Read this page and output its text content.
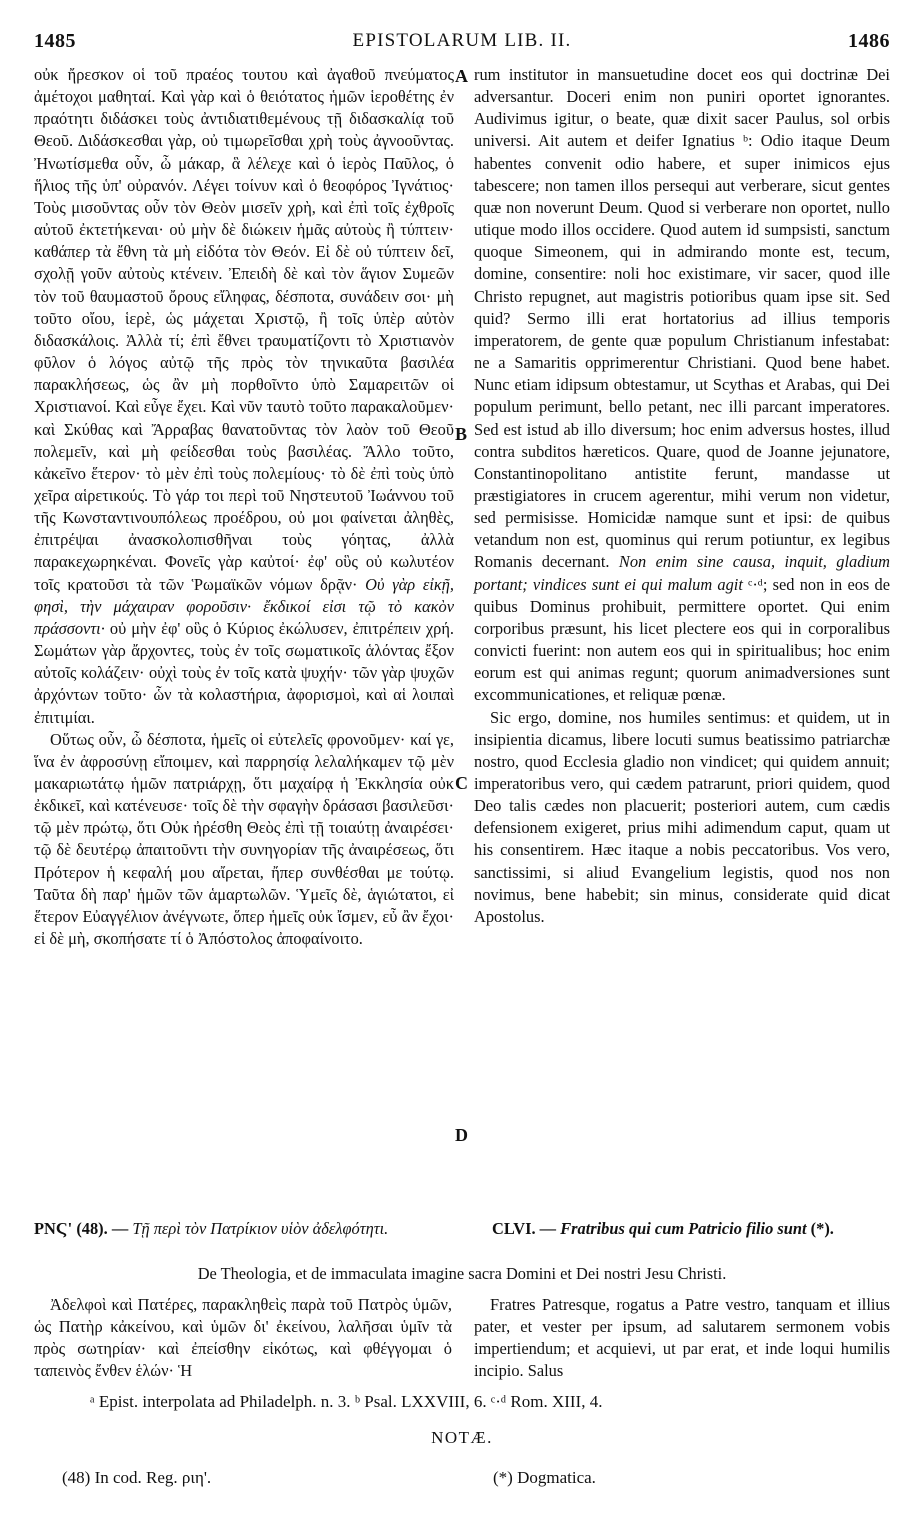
1485	EPISTOLARUM LIB. II.	1486

οὐκ ἤρεσκον οἱ τοῦ πραέος τουτου καὶ ἀγαθοῦ πνεύματος ἀμέτοχοι μαθηταί. Καὶ γὰρ καὶ ὁ θειότατος ἡμῶν ἱεροθέτης ἐν πραότητι διδάσκει τοὺς ἀντιδιατιθεμένους τῇ διδασκαλίᾳ τοῦ Θεοῦ. Διδάσκεσθαι γὰρ, οὐ τιμωρεῖσθαι χρὴ τοὺς ἀγνοοῦντας. Ἠνωτίσμεθα οὖν, ὦ μάκαρ, ἃ λέλεχε καὶ ὁ ἱερὸς Παῦλος, ὁ ἥλιος τῆς ὑπ' οὐρανόν. Λέγει τοίνυν καὶ ὁ θεοφόρος Ἰγνάτιος· Τοὺς μισοῦντας οὖν τὸν Θεὸν μισεῖν χρὴ, καὶ ἐπὶ τοῖς ἐχθροῖς αὐτοῦ ἐκτετήκεναι· οὐ μὴν δὲ διώκειν ἡμᾶς αὐτοὺς ἢ τύπτειν· καθάπερ τὰ ἔθνη τὰ μὴ εἰδότα τὸν Θεόν. Εἰ δὲ οὐ τύπτειν δεῖ, σχολῇ γοῦν αὐτοὺς κτένειν. Ἐπειδὴ δὲ καὶ τὸν ἅγιον Συμεῶν τὸν τοῦ θαυμαστοῦ ὄρους εἴληφας, δέσποτα, συνάδειν σοι· μὴ τοῦτο οἴου, ἱερὲ, ὡς μάχεται Χριστῷ, ἢ τοῖς ὑπὲρ αὐτὸν διδασκάλοις. Ἀλλὰ τί; ἐπὶ ἔθνει τραυματίζοντι τὸ Χριστιανὸν φῦλον ὁ λόγος αὐτῷ τῆς πρὸς τὸν τηνικαῦτα βασιλέα παρακλήσεως, ὡς ἂν μὴ πορθοῖντο ὑπὸ Σαμαρειτῶν οἱ Χριστιανοί. Καὶ εὖγε ἔχει. Καὶ νῦν ταυτὸ τοῦτο παρακαλοῦμεν· καὶ Σκύθας καὶ Ἄρραβας θανατοῦντας τὸν λαὸν τοῦ Θεοῦ πολεμεῖν, καὶ μὴ φείδεσθαι τοὺς βασιλέας. Ἄλλο τοῦτο, κἀκεῖνο ἕτερον· τὸ μὲν ἐπὶ τοὺς πολεμίους· τὸ δὲ ἐπὶ τοὺς ὑπὸ χεῖρα αἱρετικούς. Τὸ γάρ τοι περὶ τοῦ Νηστευτοῦ Ἰωάννου τοῦ τῆς Κωνσταντινουπόλεως προέδρου, οὐ μοι φαίνεται ἀληθὲς, ἐπιτρέψαι ἀνασκολοπισθῆναι τοὺς γόητας, ἀλλὰ παρακεχωρηκέναι. Φονεῖς γὰρ καὐτοί· ἐφ' οὓς οὐ κωλυτέον τοῖς κρατοῦσι τὰ τῶν Ῥωμαϊκῶν νόμων δρᾷν· Οὐ γὰρ εἰκῇ, φησὶ, τὴν μάχαιραν φοροῦσιν· ἔκδικοί εἰσι τῷ τὸ κακὸν πράσσοντι· οὐ μὴν ἐφ' οὓς ὁ Κύριος ἐκώλυσεν, ἐπιτρέπειν χρή. Σωμάτων γὰρ ἄρχοντες, τοὺς ἐν τοῖς σωματικοῖς ἁλόντας ἔξον αὐτοῖς κολάζειν· οὐχὶ τοὺς ἐν τοῖς κατὰ ψυχήν· τῶν γὰρ ψυχῶν ἀρχόντων τοῦτο· ὧν τὰ κολαστήρια, ἀφορισμοὶ, καὶ αἱ λοιπαὶ ἐπιτιμίαι.

Οὕτως οὖν, ὦ δέσποτα, ἡμεῖς οἱ εὐτελεῖς φρονοῦμεν· καί γε, ἵνα ἐν ἀφροσύνῃ εἴποιμεν, καὶ παρρησίᾳ λελαλήκαμεν τῷ μὲν μακαριωτάτῳ ἡμῶν πατριάρχῃ, ὅτι μαχαίρᾳ ἡ Ἐκκλησία οὐκ ἐκδικεῖ, καὶ κατένευσε· τοῖς δὲ τὴν σφαγὴν δράσασι βασιλεῦσι· τῷ μὲν πρώτῳ, ὅτι Οὐκ ἠρέσθη Θεὸς ἐπὶ τῇ τοιαύτῃ ἀναιρέσει· τῷ δὲ δευτέρῳ ἀπαιτοῦντι τὴν συνηγορίαν τῆς ἀναιρέσεως, ὅτι Πρότερον ἡ κεφαλή μου αἴρεται, ἤπερ συνθέσθαι με τούτῳ. Ταῦτα δὴ παρ' ἡμῶν τῶν ἁμαρτωλῶν. Ὑμεῖς δὲ, ἁγιώτατοι, εἰ ἕτερον Εὐαγγέλιον ἀνέγνωτε, ὅπερ ἡμεῖς οὐκ ἴσμεν, εὖ ἂν ἔχοι· εἰ δὲ μὴ, σκοπήσατε τί ὁ Ἀπόστολος ἀποφαίνοιτο.

A
B
C
D

rum institutor in mansuetudine docet eos qui doctrinæ Dei adversantur. Doceri enim non puniri oportet ignorantes. Audivimus igitur, o beate, quæ dixit sacer Paulus, sol orbis universi. Ait autem et deifer Ignatius ᵇ: Odio itaque Deum habentes convenit odio habere, et super inimicos ejus tabescere; non tamen illos persequi aut verberare, sicut gentes quæ non noverunt Deum. Quod si verberare non oportet, nullo utique modo illos occidere. Quod autem id sumpsisti, sanctum quoque Simeonem, qui in admirando monte est, tecum, domine, consentire: noli hoc existimare, vir sacer, quod ille Christo repugnet, aut magistris potioribus quam ipse sit. Sed quid? Sermo illi erat hortatorius ad illius temporis imperatorem, de gente quæ populum Christianum infestabat: ne a Samaritis opprimerentur Christiani. Quod bene habet. Nunc etiam idipsum obtestamur, ut Scythas et Arabas, qui Dei populum perimunt, bello petant, nec illi parcant imperatores. Sed est istud ab illo diversum; hoc enim adversus hostes, illud contra subditos hæreticos. Quare, quod de Joanne jejunatore, Constantinopolitano antistite ferunt, mandasse ut præstigiatores in crucem agerentur, mihi verum non videtur, sed permisisse. Homicidæ namque sunt et ipsi: de quibus vetandum non est, quominus qui rerum potiuntur, ex legibus Romanis decernant. Non enim sine causa, inquit, gladium portant; vindices sunt ei qui malum agit ᶜ·ᵈ; sed non in eos de quibus Dominus prohibuit, permittere oportet. Qui enim corporibus præsunt, his licet plectere eos qui in corporalibus convicti fuerint: non autem eos qui in spiritualibus; hoc enim eorum est qui animas regunt; quorum animadversiones sunt excommunicationes, et reliquæ pœnæ.

Sic ergo, domine, nos humiles sentimus: et quidem, ut in insipientia dicamus, libere locuti sumus beatissimo patriarchæ nostro, quod Ecclesia gladio non vindicet; qui quidem annuit; imperatoribus vero, qui cædem patrarunt, priori quidem, quod Deo talis cædes non placuerit; posteriori autem, cum cædis defensionem exigeret, prius mihi adimendum caput, quam ut his consentirem. Hæc itaque a nobis peccatoribus. Vos vero, sanctissimi, si aliud Evangelium legistis, quod nos non novimus, bene habebit; sin minus, considerate quid dicat Apostolus.

ΡΝϚ' (48). — Τῇ περὶ τὸν Πατρίκιον υἱὸν ἀδελφότητι.	CLVI. — Fratribus qui cum Patricio filio sunt (*).
De Theologia, et de immaculata imagine sacra Domini et Dei nostri Jesu Christi.

Ἀδελφοὶ καὶ Πατέρες, παρακληθεὶς παρὰ τοῦ Πατρὸς ὑμῶν, ὡς Πατὴρ κἀκείνου, καὶ ὑμῶν δι' ἐκείνου, λαλῆσαι ὑμῖν τὰ πρὸς σωτηρίαν· καὶ ἐπείσθην εἰκότως, καὶ φθέγγομαι ὁ ταπεινὸς ἔνθεν ἑλών· Ἡ

Fratres Patresque, rogatus a Patre vestro, tanquam et illius pater, et vester per ipsum, ad salutarem sermonem vobis impertiendum; et acquievi, ut par erat, et inde loqui humilis incipio. Salus

ᵃ Epist. interpolata ad Philadelph. n. 3. ᵇ Psal. LXXVIII, 6. ᶜ·ᵈ Rom. XIII, 4.
NOTÆ.
(48) In cod. Reg. ριη'.	(*) Dogmatica.
